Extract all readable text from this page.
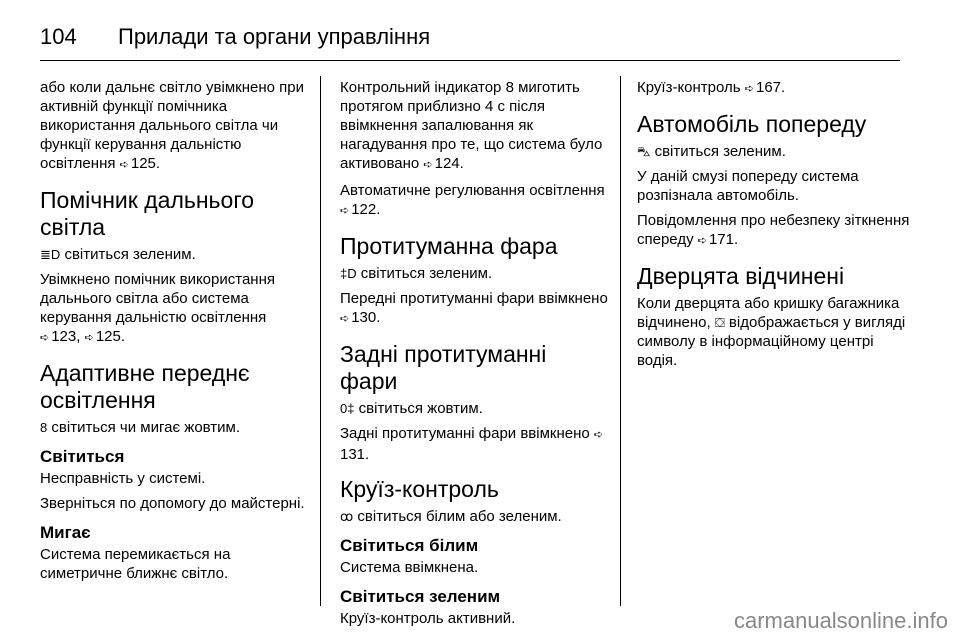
104 Прилади та органи управління

або коли дальнє світло увімкнено при активній функції помічника використання дальнього світла чи функції керування дальністю освітлення ➪ 125.

Помічник дальнього світла

≣D світиться зеленим.

Увімкнено помічник використання дальнього світла або система керування дальністю освітлення
➪ 123, ➪ 125.

Адаптивне переднє освітлення

8 світиться чи мигає жовтим.

Світиться

Несправність у системі.

Зверніться по допомогу до майстерні.

Мигає

Система перемикається на симетричне ближнє світло.

Контрольний індикатор 8 миготить протягом приблизно 4 с після ввімкнення запалювання як нагадування про те, що система було активовано ➪ 124.

Автоматичне регулювання освітлення ➪ 122.

Протитуманна фара

‡D світиться зеленим.

Передні протитуманні фари ввімкнено ➪ 130.

Задні протитуманні фари

0‡ світиться жовтим.

Задні протитуманні фари ввімкнено ➪131.

Круїз-контроль

ꝏ світиться білим або зеленим.

Світиться білим

Система ввімкнена.

Світиться зеленим

Круїз-контроль активний.

Круїз-контроль ➪ 167.

Автомобіль попереду

⛍ світиться зеленим.

У даній смузі попереду система розпізнала автомобіль.

Повідомлення про небезпеку зіткнення спереду ➪ 171.

Дверцята відчинені

Коли дверцята або кришку багажника відчинено, ⛋ відображається у вигляді символу в інформаційному центрі водія.

carmanualsonline.info
